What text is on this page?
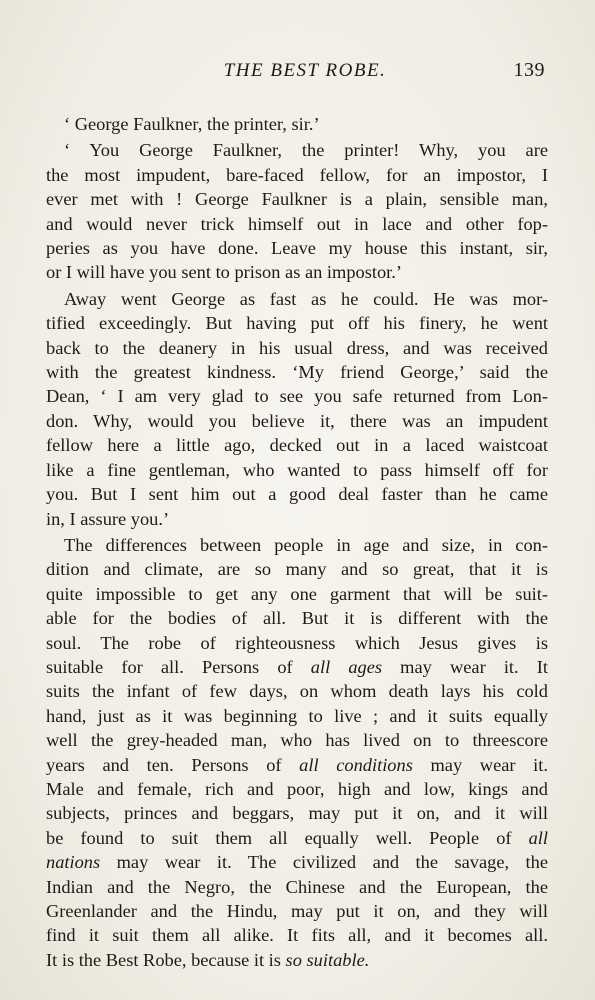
THE BEST ROBE.	139

‘ George Faulkner, the printer, sir.’

‘ You George Faulkner, the printer! Why, you are
the most impudent, bare-faced fellow, for an impostor, I
ever met with ! George Faulkner is a plain, sensible man,
and would never trick himself out in lace and other fop-
peries as you have done. Leave my house this instant, sir,
or I will have you sent to prison as an impostor.’

Away went George as fast as he could. He was mor-
tified exceedingly. But having put off his finery, he went
back to the deanery in his usual dress, and was received
with the greatest kindness. ‘My friend George,’ said the
Dean, ‘ I am very glad to see you safe returned from Lon-
don. Why, would you believe it, there was an impudent
fellow here a little ago, decked out in a laced waistcoat
like a fine gentleman, who wanted to pass himself off for
you. But I sent him out a good deal faster than he came
in, I assure you.’

The differences between people in age and size, in con-
dition and climate, are so many and so great, that it is
quite impossible to get any one garment that will be suit-
able for the bodies of all. But it is different with the
soul. The robe of righteousness which Jesus gives is
suitable for all. Persons of all ages may wear it. It
suits the infant of few days, on whom death lays his cold
hand, just as it was beginning to live ; and it suits equally
well the grey-headed man, who has lived on to threescore
years and ten. Persons of all conditions may wear it.
Male and female, rich and poor, high and low, kings and
subjects, princes and beggars, may put it on, and it will
be found to suit them all equally well. People of all
nations may wear it. The civilized and the savage, the
Indian and the Negro, the Chinese and the European, the
Greenlander and the Hindu, may put it on, and they will
find it suit them all alike. It fits all, and it becomes all.
It is the Best Robe, because it is so suitable.
